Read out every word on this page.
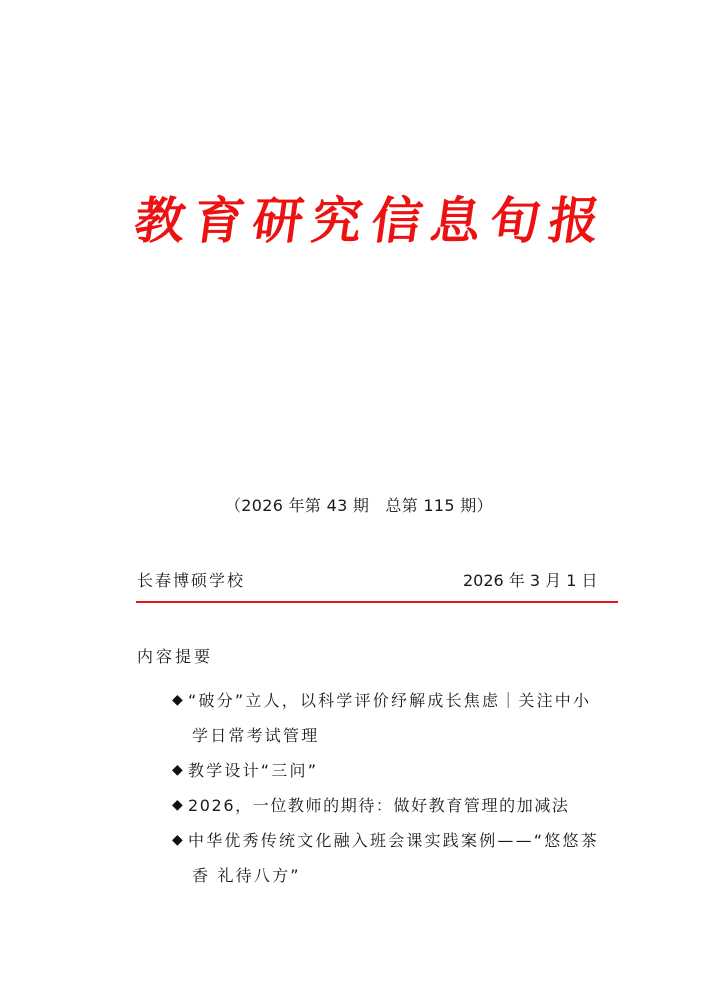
教 育 研 究 信 息 旬 报
（2026 年第 43 期   总第 115 期）
长春博硕学校	2026 年 3 月 1 日
内容提要
◆ “破分”立人，以科学评价纾解成长焦虑｜关注中小
学日常考试管理
◆ 教学设计“三问”
◆ 2026，一位教师的期待：做好教育管理的加减法
◆ 中华优秀传统文化融入班会课实践案例——“悠悠茶
香 礼待八方”
